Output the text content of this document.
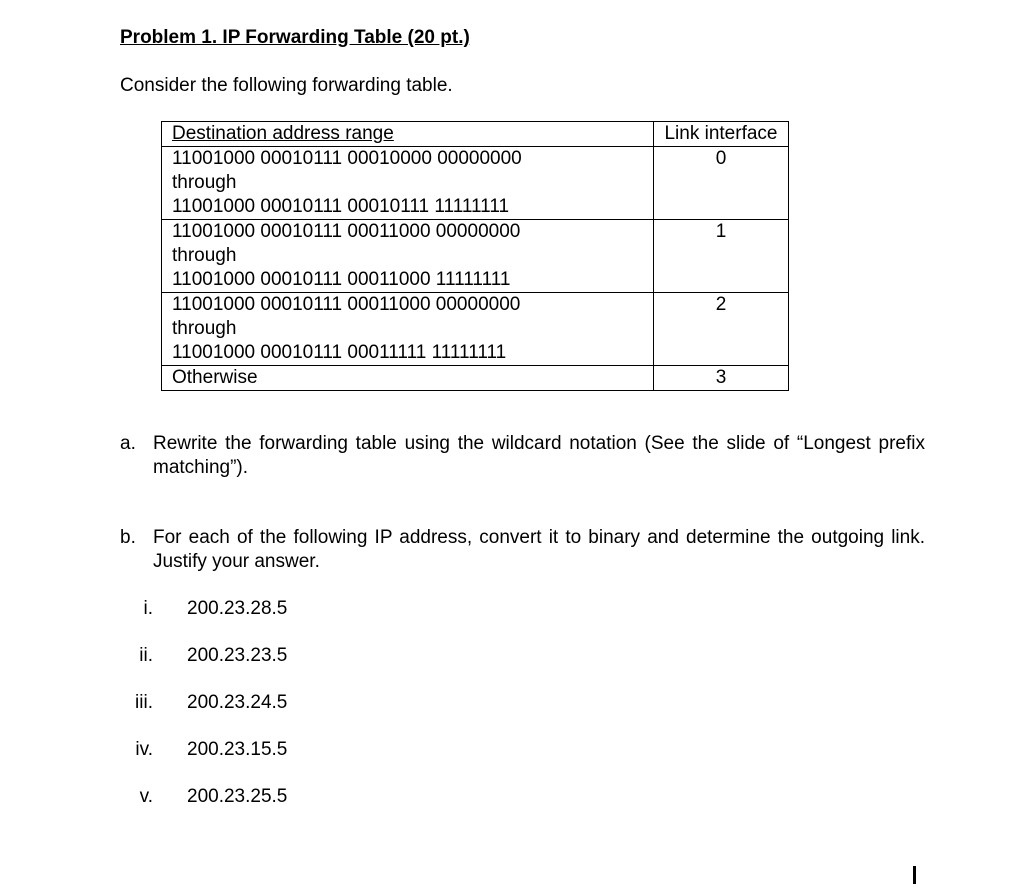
Problem 1. IP Forwarding Table (20 pt.)
Consider the following forwarding table.
Destination address range	Link interface

11001000 00010111 00010000 00000000
through
11001000 00010111 00010111 11111111	0

11001000 00010111 00011000 00000000
through
11001000 00010111 00011000 11111111	1

11001000 00010111 00011000 00000000
through
11001000 00010111 00011111 11111111	2
Otherwise	3
a. Rewrite the forwarding table using the wildcard notation (See the slide of “Longest prefix matching”).
b. For each of the following IP address, convert it to binary and determine the outgoing link. Justify your answer.
i. 200.23.28.5
ii. 200.23.23.5
iii. 200.23.24.5
iv. 200.23.15.5
v. 200.23.25.5
